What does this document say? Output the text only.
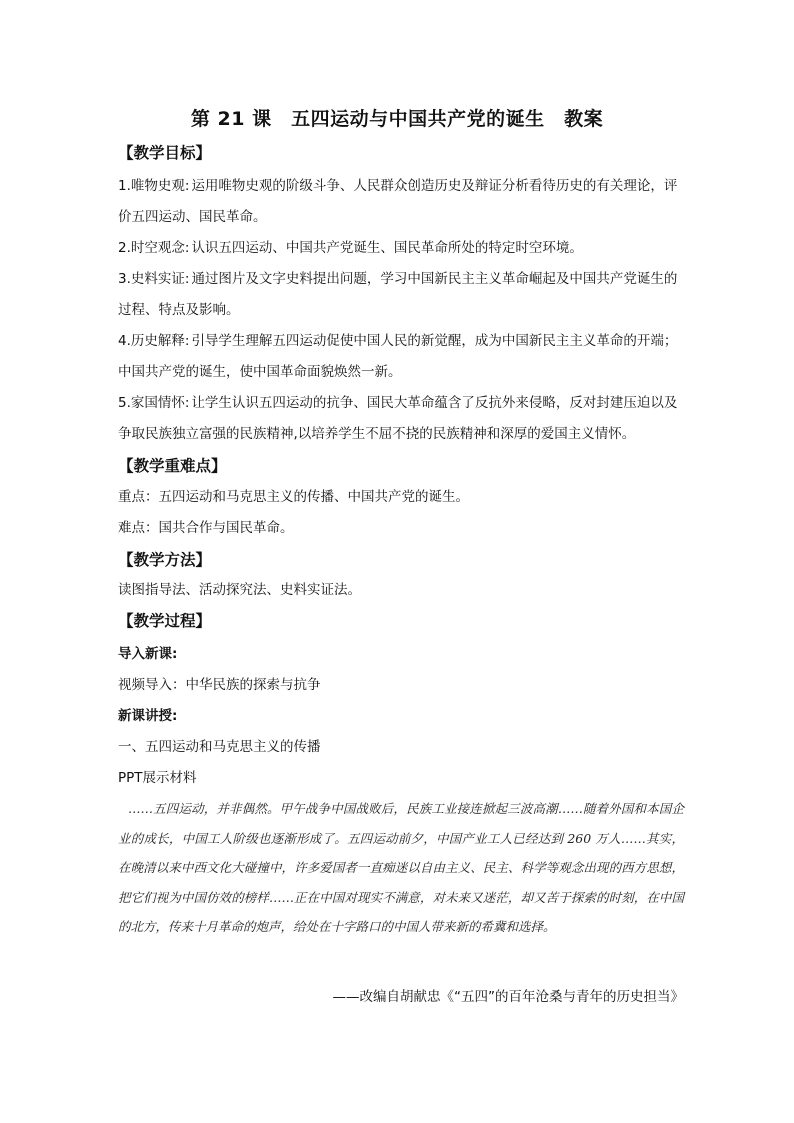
第 21 课　五四运动与中国共产党的诞生　教案
【教学目标】
1.唯物史观: 运用唯物史观的阶级斗争、人民群众创造历史及辩证分析看待历史的有关理论，评价五四运动、国民革命。
2.时空观念: 认识五四运动、中国共产党诞生、国民革命所处的特定时空环境。
3.史料实证: 通过图片及文字史料提出问题，学习中国新民主主义革命崛起及中国共产党诞生的过程、特点及影响。
4.历史解释: 引导学生理解五四运动促使中国人民的新觉醒，成为中国新民主主义革命的开端；中国共产党的诞生，使中国革命面貌焕然一新。
5.家国情怀: 让学生认识五四运动的抗争、国民大革命蕴含了反抗外来侵略，反对封建压迫以及争取民族独立富强的民族精神,以培养学生不屈不挠的民族精神和深厚的爱国主义情怀。
【教学重难点】
重点：五四运动和马克思主义的传播、中国共产党的诞生。
难点：国共合作与国民革命。
【教学方法】
读图指导法、活动探究法、史料实证法。
【教学过程】
导入新课:
视频导入：中华民族的探索与抗争
新课讲授:
一、五四运动和马克思主义的传播
PPT展示材料
……五四运动，并非偶然。甲午战争中国战败后，民族工业接连掀起三波高潮……随着外国和本国企业的成长，中国工人阶级也逐渐形成了。五四运动前夕，中国产业工人已经达到 260 万人……其实，在晚清以来中西文化大碰撞中，许多爱国者一直痴迷以自由主义、民主、科学等观念出现的西方思想，把它们视为中国仿效的榜样……正在中国对现实不满意，对未来又迷茫，却又苦于探索的时刻，在中国的北方，传来十月革命的炮声，给处在十字路口的中国人带来新的希冀和选择。
——改编自胡献忠《“五四”的百年沧桑与青年的历史担当》
